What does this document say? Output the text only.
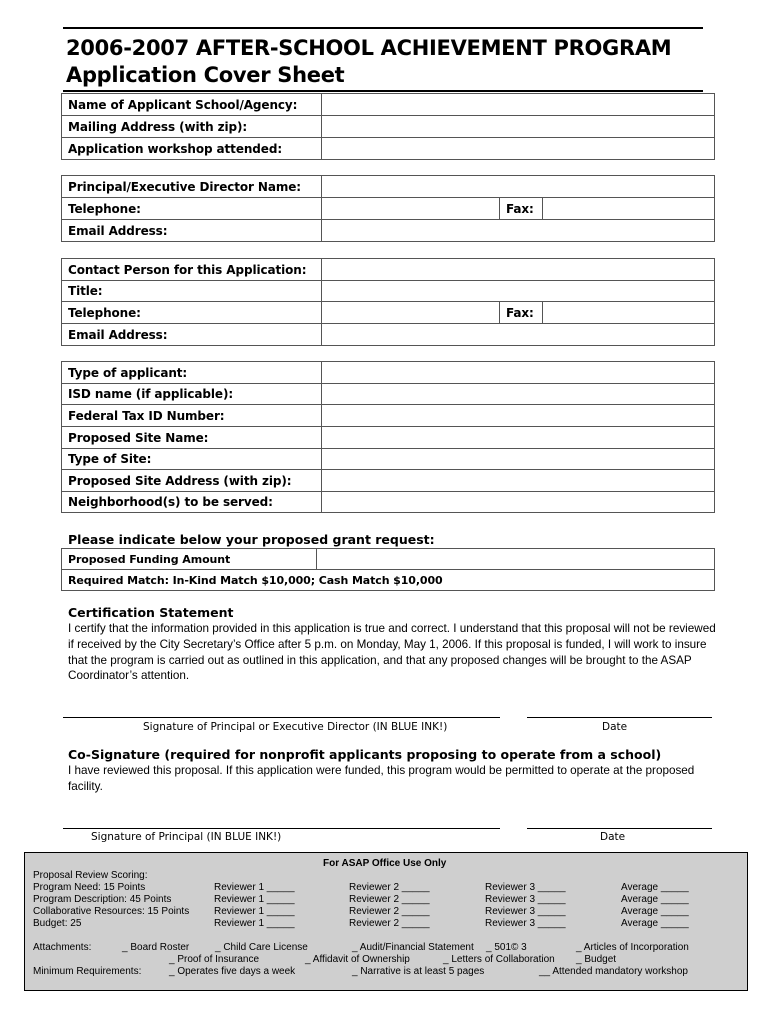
2006-2007 AFTER-SCHOOL ACHIEVEMENT PROGRAM
Application Cover Sheet
Name of Applicant School/Agency:	
Mailing Address (with zip):	
Application workshop attended:	
Principal/Executive Director Name:			
Telephone:		Fax:	
Email Address:			
Contact Person for this Application:			
Title:			
Telephone:		Fax:	
Email Address:			
Type of applicant:	
ISD name (if applicable):	
Federal Tax ID Number:	
Proposed Site Name:	
Type of Site:	
Proposed Site Address (with zip):	
Neighborhood(s) to be served:	
Please indicate below your proposed grant request:
Proposed Funding Amount	
Required Match: In-Kind Match $10,000; Cash Match $10,000
Certification Statement
I certify that the information provided in this application is true and correct. I understand that this proposal will not be reviewed if received by the City Secretary’s Office after 5 p.m. on Monday, May 1, 2006. If this proposal is funded, I will work to insure that the program is carried out as outlined in this application, and that any proposed changes will be brought to the ASAP Coordinator’s attention.
Signature of Principal or Executive Director (IN BLUE INK!)	Date
Co-Signature (required for nonprofit applicants proposing to operate from a school)
I have reviewed this proposal. If this application were funded, this program would be permitted to operate at the proposed facility.
Signature of Principal (IN BLUE INK!)	Date
For ASAP Office Use Only
Proposal Review Scoring:
Program Need: 15 Points	Reviewer 1 _____	Reviewer 2 _____	Reviewer 3 _____	Average _____
Program Description: 45 Points	Reviewer 1 _____	Reviewer 2 _____	Reviewer 3 _____	Average _____
Collaborative Resources: 15 Points Reviewer 1 _____	Reviewer 2 _____	Reviewer 3 _____	Average _____
Budget: 25	Reviewer 1 _____	Reviewer 2 _____	Reviewer 3 _____	Average _____
Attachments:	_ Board Roster	_ Child Care License	_ Audit/Financial Statement _ 501© 3	_ Articles of Incorporation
_ Proof of Insurance	_ Affidavit of Ownership	_ Letters of Collaboration _ Budget
Minimum Requirements:	_ Operates five days a week	_ Narrative is at least 5 pages	__ Attended mandatory workshop
